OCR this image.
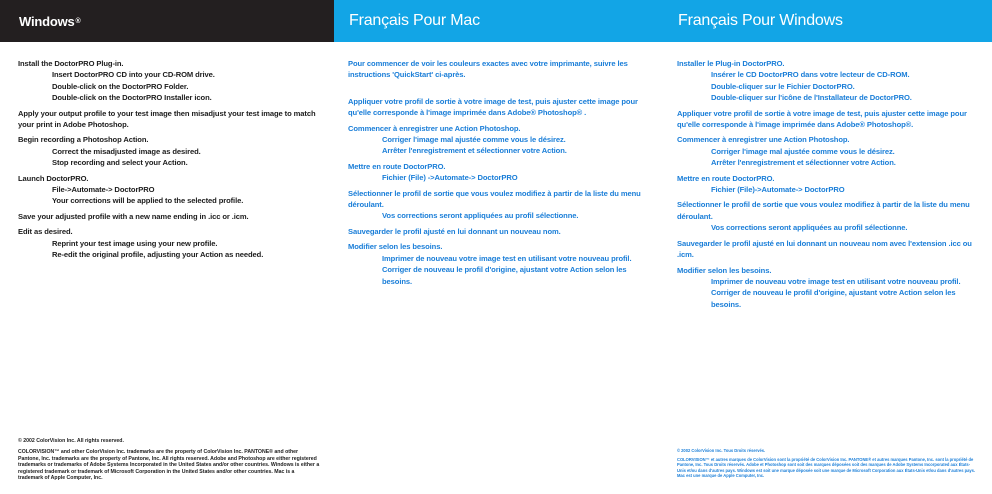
Windows ®
Install the DoctorPRO Plug-in.
Insert DoctorPRO CD into your CD-ROM drive.
Double-click on the DoctorPRO Folder.
Double-click on the DoctorPRO Installer icon.
Apply your output profile to your test image then misadjust your test image to match your print in Adobe Photoshop.
Begin recording a Photoshop Action.
Correct the misadjusted image as desired.
Stop recording and select your Action.
Launch DoctorPRO.
File->Automate-> DoctorPRO
Your corrections will be applied to the selected profile.
Save your adjusted profile with a new name ending in .icc or .icm.
Edit as desired.
Reprint your test image using your new profile.
Re-edit the original profile, adjusting your Action as needed.
© 2002 ColorVision Inc. All rights reserved.
COLORVISION™ and other ColorVision Inc. trademarks are the property of ColorVision Inc. PANTONE® and other Pantone, Inc. trademarks are the property of Pantone, Inc. All rights reserved. Adobe and Photoshop are either registered trademarks or trademarks of Adobe Systems Incorporated in the United States and/or other countries. Windows is either a registered trademark or trademark of Microsoft Corporation in the United States and/or other countries. Mac is a trademark of Apple Computer, Inc.
Français Pour Mac
Pour commencer de voir les couleurs exactes avec votre imprimante, suivre les instructions 'QuickStart' ci-après.
Appliquer votre profil de sortie à votre image de test, puis ajuster cette image pour qu'elle corresponde à l'image imprimée dans Adobe® Photoshop® .
Commencer à enregistrer une Action Photoshop.
Corriger l'image mal ajustée comme vous le désirez.
Arrêter l'enregistrement et sélectionner votre Action.
Mettre en route DoctorPRO.
Fichier (File) ->Automate-> DoctorPRO
Sélectionner le profil de sortie que vous voulez modifiez à partir de la liste du menu déroulant.
Vos corrections seront appliquées au profil sélectionne.
Sauvegarder le profil ajusté en lui donnant un nouveau nom.
Modifier selon les besoins.
Imprimer de nouveau votre image test en utilisant votre nouveau profil.
Corriger de nouveau le profil d'origine, ajustant votre Action selon les besoins.
Français Pour Windows
Installer le Plug-in DoctorPRO.
Insérer le CD DoctorPRO dans votre lecteur de CD-ROM.
Double-cliquer sur le Fichier DoctorPRO.
Double-cliquer sur l'icône de l'Installateur de DoctorPRO.
Appliquer votre profil de sortie à votre image de test, puis ajuster cette image pour qu'elle corresponde à l'image imprimée dans Adobe® Photoshop®.
Commencer à enregistrer une Action Photoshop.
Corriger l'image mal ajustée comme vous le désirez.
Arrêter l'enregistrement et sélectionner votre Action.
Mettre en route DoctorPRO.
Fichier (File)->Automate-> DoctorPRO
Sélectionner le profil de sortie que vous voulez modifiez à partir de la liste du menu déroulant.
Vos corrections seront appliquées au profil sélectionne.
Sauvegarder le profil ajusté en lui donnant un nouveau nom avec l'extension .icc ou .icm.
Modifier selon les besoins.
Imprimer de nouveau votre image test en utilisant votre nouveau profil.
Corriger de nouveau le profil d'origine, ajustant votre Action selon les besoins.
© 2002 ColorVision Inc. Tous Droits réservés.
COLORVISION™ et autres marques de ColorVision sont la propriété de ColorVision Inc. PANTONE® et autres marques Pantone, Inc. sont la propriété de Pantone, Inc. Tous Droits réservés. Adobe et Photoshop sont soit des marques déposées soit des marques de Adobe Systems Incorporated aux États-Unis et/ou dans d'autres pays. Windows est soit une marque déposée soit une marque de Microsoft Corporation aux États-Unis et/ou dans d'autres pays. Mac est une marque de Apple Computer, Inc.
